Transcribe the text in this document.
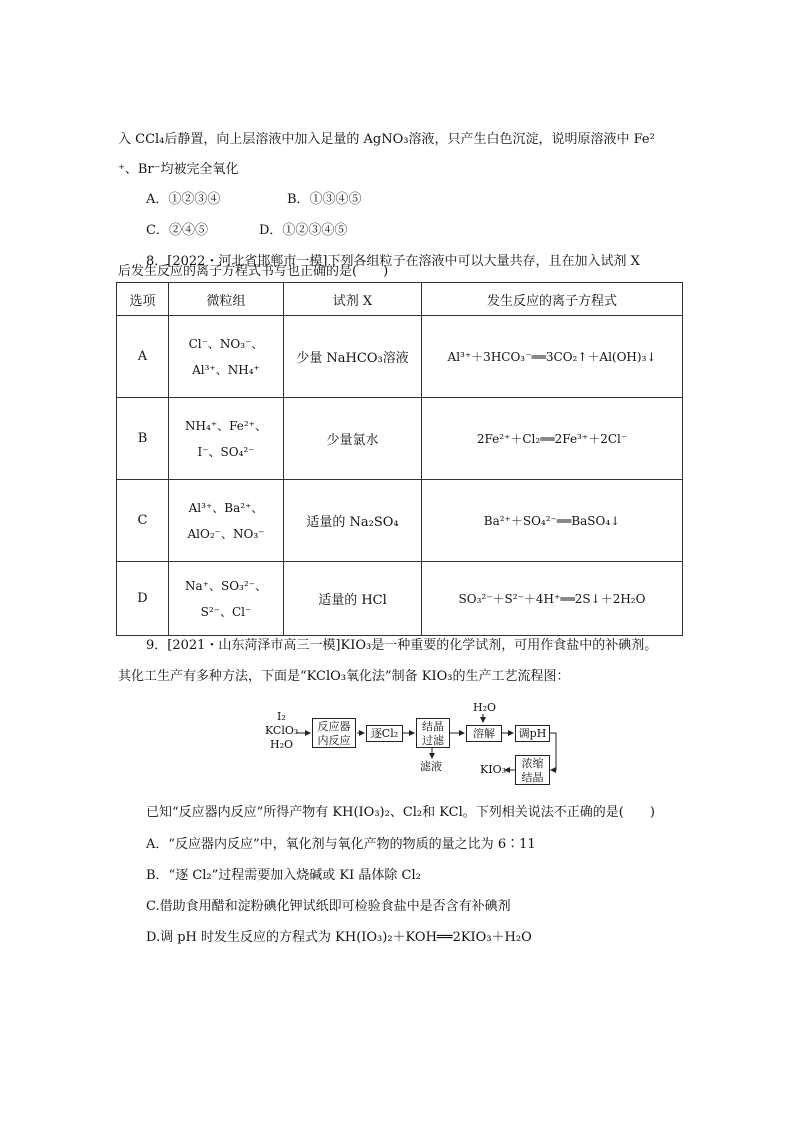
入 CCl₄后静置，向上层溶液中加入足量的 AgNO₃溶液，只产生白色沉淀，说明原溶液中 Fe²
⁺、Br⁻均被完全氧化
A．①②③④	B．①③④⑤
C．②④⑤	D．①②③④⑤
8．[2022・河北省邯郸市一模]下列各组粒子在溶液中可以大量共存，且在加入试剂 X
后发生反应的离子方程式书写也正确的是(　　)
选项	微粒组	试剂 X	发生反应的离子方程式
A	Cl⁻、NO₃⁻、
Al³⁺、NH₄⁺	少量 NaHCO₃溶液	Al³⁺＋3HCO₃⁻══3CO₂↑＋Al(OH)₃↓
B	NH₄⁺、Fe²⁺、
I⁻、SO₄²⁻	少量氯水	2Fe²⁺＋Cl₂══2Fe³⁺＋2Cl⁻
C	Al³⁺、Ba²⁺、
AlO₂⁻、NO₃⁻	适量的 Na₂SO₄	Ba²⁺＋SO₄²⁻══BaSO₄↓
D	Na⁺、SO₃²⁻、
S²⁻、Cl⁻	适量的 HCl	SO₃²⁻＋S²⁻＋4H⁺══2S↓＋2H₂O
9．[2021・山东菏泽市高三一模]KIO₃是一种重要的化学试剂，可用作食盐中的补碘剂。
其化工生产有多种方法，下面是“KClO₃氧化法”制备 KIO₃的生产工艺流程图：
I₂
KClO₃
H₂O
反应器
内反应
逐Cl₂
结晶
过滤
滤液
H₂O
溶解	调pH
浓缩
结晶
KIO₃
已知“反应器内反应”所得产物有 KH(IO₃)₂、Cl₂和 KCl。下列相关说法不正确的是(　　)
A．“反应器内反应”中，氧化剂与氧化产物的物质的量之比为 6∶11
B．“逐 Cl₂”过程需要加入烧碱或 KI 晶体除 Cl₂
C.借助食用醋和淀粉碘化钾试纸即可检验食盐中是否含有补碘剂
D.调 pH 时发生反应的方程式为 KH(IO₃)₂＋KOH══2KIO₃＋H₂O
